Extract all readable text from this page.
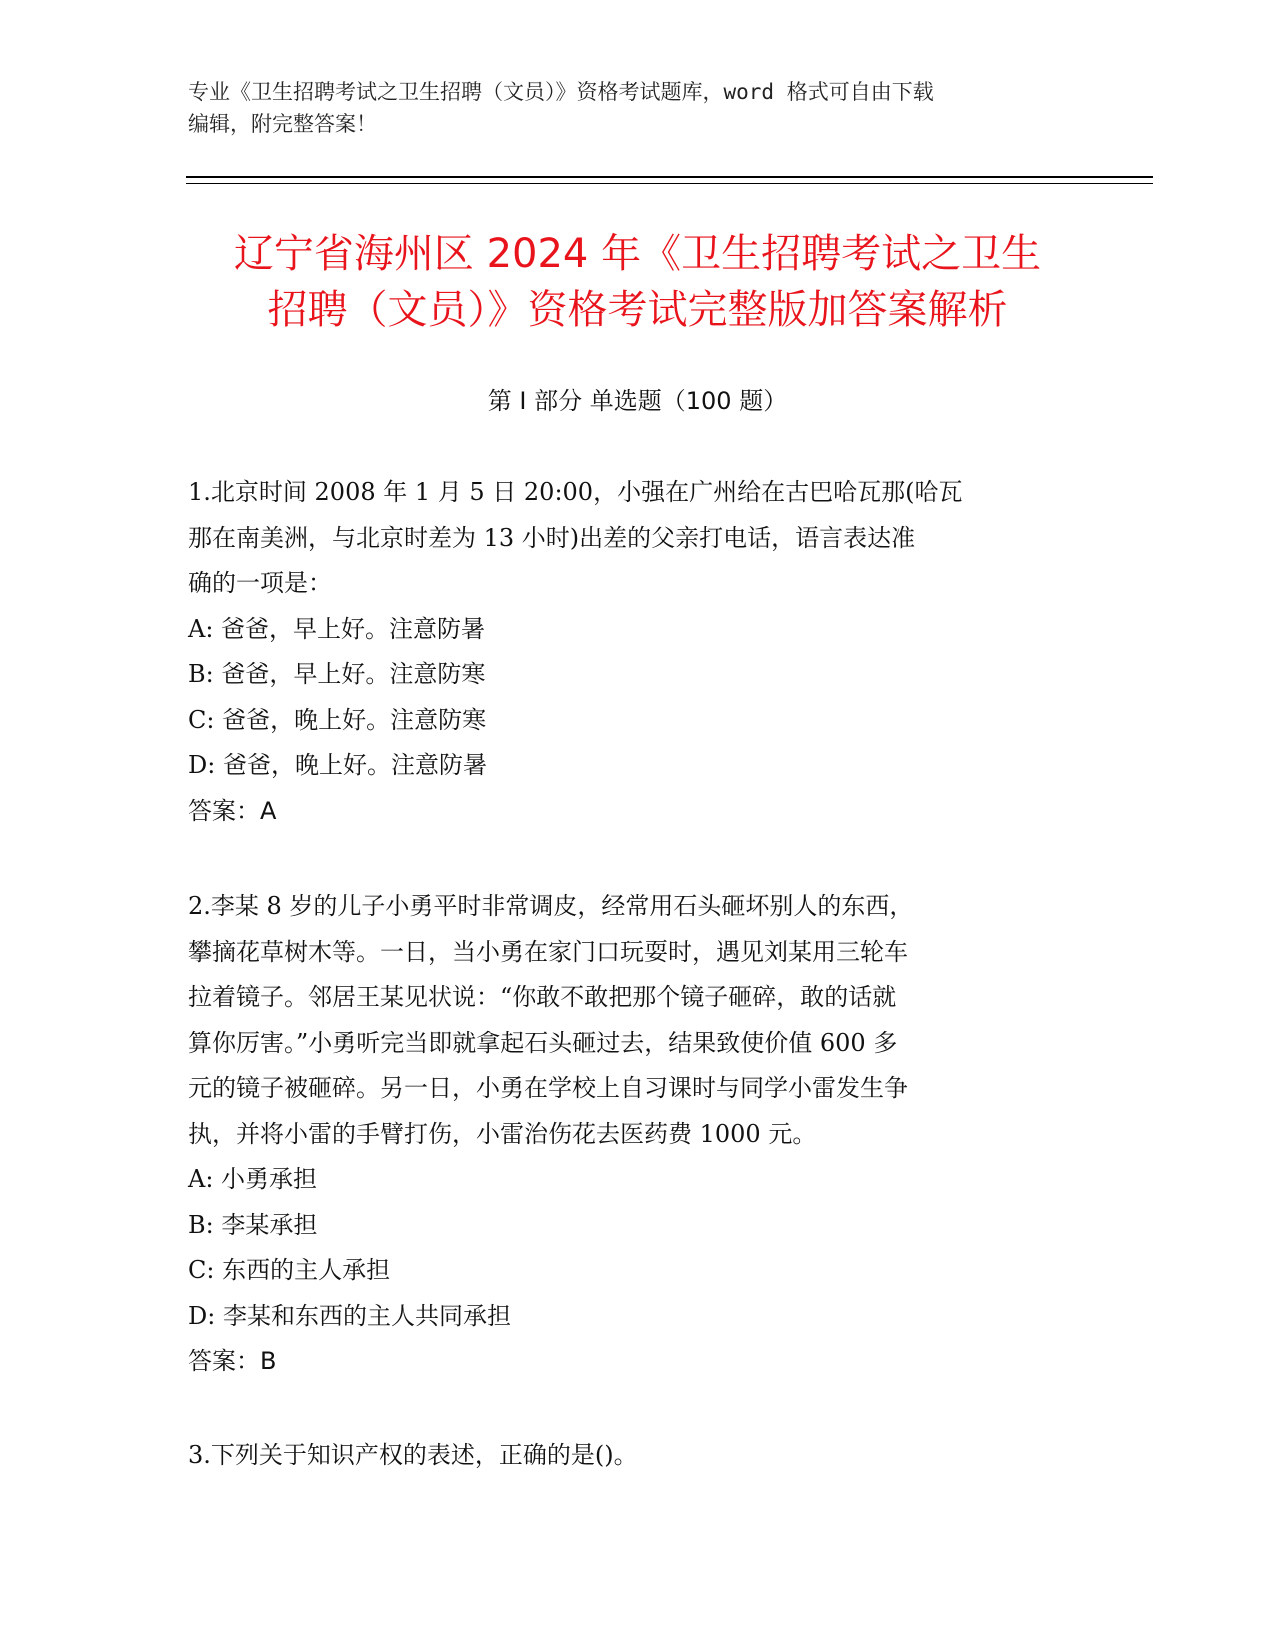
专业《卫生招聘考试之卫生招聘（文员）》资格考试题库，word 格式可自由下载
编辑，附完整答案！
辽宁省海州区 2024 年《卫生招聘考试之卫生
招聘（文员）》资格考试完整版加答案解析
第 I 部分 单选题（100 题）

1.北京时间 2008 年 1 月 5 日 20:00，小强在广州给在古巴哈瓦那(哈瓦

那在南美洲，与北京时差为 13 小时)出差的父亲打电话，语言表达准

确的一项是：

A: 爸爸，早上好。注意防暑

B: 爸爸，早上好。注意防寒

C: 爸爸，晚上好。注意防寒

D: 爸爸，晚上好。注意防暑

答案：A

2.李某 8 岁的儿子小勇平时非常调皮，经常用石头砸坏别人的东西，

攀摘花草树木等。一日，当小勇在家门口玩耍时，遇见刘某用三轮车

拉着镜子。邻居王某见状说：“你敢不敢把那个镜子砸碎，敢的话就

算你厉害。”小勇听完当即就拿起石头砸过去，结果致使价值 600 多

元的镜子被砸碎。另一日，小勇在学校上自习课时与同学小雷发生争

执，并将小雷的手臂打伤，小雷治伤花去医药费 1000 元。

A: 小勇承担

B: 李某承担

C: 东西的主人承担

D: 李某和东西的主人共同承担

答案：B

3.下列关于知识产权的表述，正确的是()。
